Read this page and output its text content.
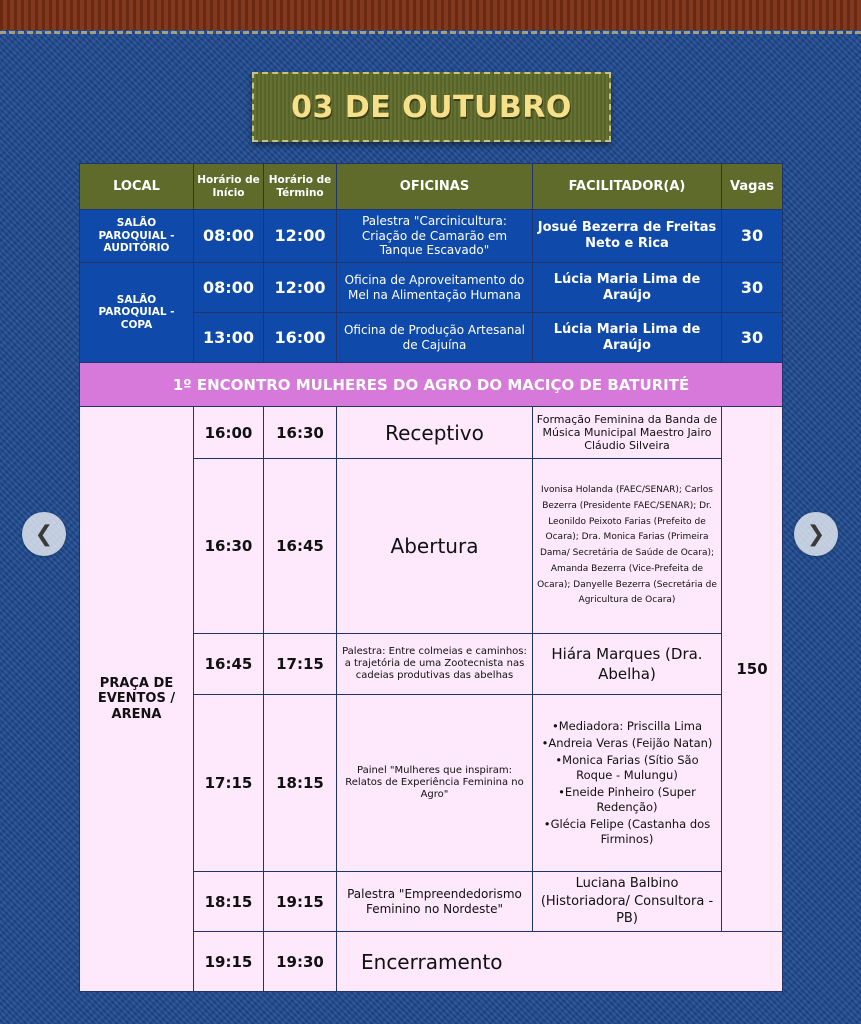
03 DE OUTUBRO
LOCAL	Horário de Início	Horário de Término	OFICINAS	FACILITADOR(A)	Vagas
SALÃO PAROQUIAL - AUDITÓRIO	08:00	12:00	Palestra "Carcinicultura: Criação de Camarão em Tanque Escavado"	Josué Bezerra de Freitas Neto e Rica	30
SALÃO PAROQUIAL - COPA	08:00	12:00	Oficina de Aproveitamento do Mel na Alimentação Humana	Lúcia Maria Lima de Araújo	30
	13:00	16:00	Oficina de Produção Artesanal de Cajuína	Lúcia Maria Lima de Araújo	30
1º ENCONTRO MULHERES DO AGRO DO MACIÇO DE BATURITÉ					
PRAÇA DE EVENTOS / ARENA	16:00	16:30	Receptivo	Formação Feminina da Banda de Música Municipal Maestro Jairo Cláudio Silveira	150
	16:30	16:45	Abertura	Ivonisa Holanda (FAEC/SENAR); Carlos Bezerra (Presidente FAEC/SENAR); Dr. Leonildo Peixoto Farias (Prefeito de Ocara); Dra. Monica Farias (Primeira Dama/ Secretária de Saúde de Ocara); Amanda Bezerra (Vice-Prefeita de Ocara); Danyelle Bezerra (Secretária de Agricultura de Ocara)	
	16:45	17:15	Palestra: Entre colmeias e caminhos: a trajetória de uma Zootecnista nas cadeias produtivas das abelhas	Hiára Marques (Dra. Abelha)	
	17:15	18:15	Painel "Mulheres que inspiram: Relatos de Experiência Feminina no Agro"	•Mediadora: Priscilla Lima
•Andreia Veras (Feijão Natan)
•Monica Farias (Sítio São Roque - Mulungu)
•Eneide Pinheiro (Super Redenção)
•Glécia Felipe (Castanha dos Firminos)	

	18:15	19:15	Palestra "Empreendedorismo Feminino no Nordeste"	Luciana Balbino (Historiadora/ Consultora - PB)	
	19:15	19:30	Encerramento		
❮	❯
